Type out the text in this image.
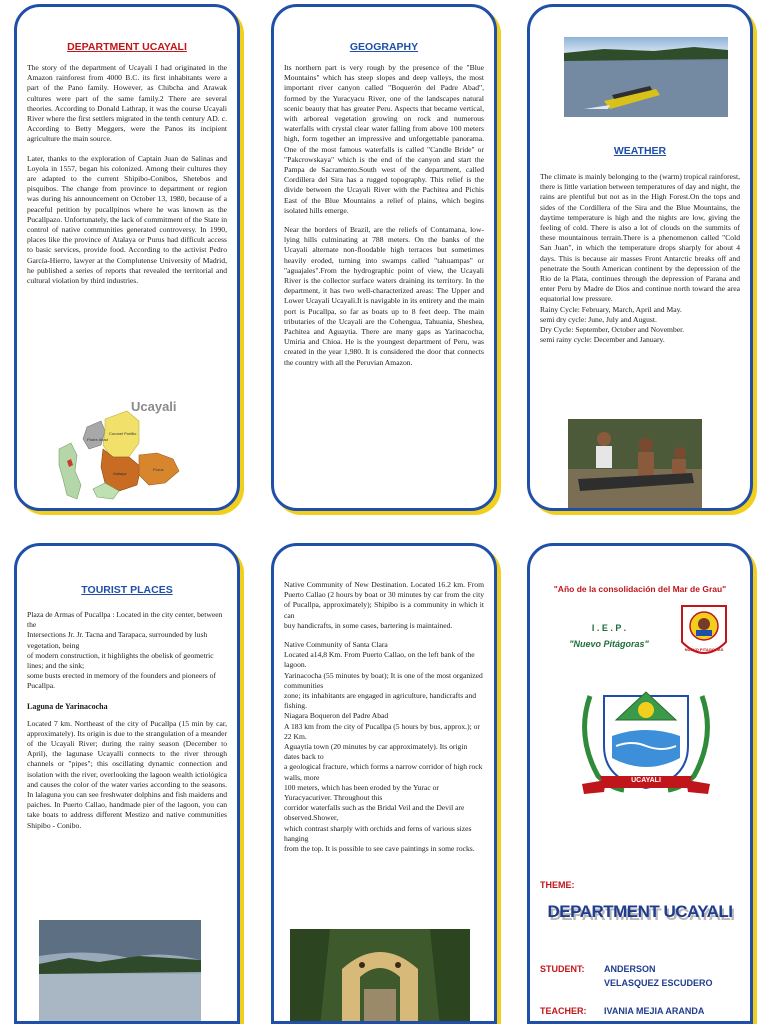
DEPARTMENT UCAYALI

The story of the department of Ucayali I had originated in the Amazon rainforest from 4000 B.C. its first inhabitants were a part of the Pano family. However, as Chibcha and Arawak cultures were part of the same family.2 There are several theories. According to Donald Lathrap, it was the course Ucayali River where the first settlers migrated in the tenth century AD. c. According to Betty Meggers, were the Panos its incipient agriculture the main source.

Later, thanks to the exploration of Captain Juan de Salinas and Loyola in 1557, began his colonized. Among their cultures they are adapted to the current Shipibo-Conibos, Shetebos and pisquibos. The change from province to department or region was during his announcement on October 13, 1980, because of a peaceful petition by pucallpinos where he was known as the Pucallpazo. Unfortunately, the lack of commitment of the State in control of native communities generated controversy. In 1990, places like the province of Atalaya or Purus had difficult access to basic services, provide food. According to the activist Pedro García-Hierro, lawyer at the Complutense University of Madrid, he published a series of reports that revealed the territorial and cultural violation by third industries.

Ucayali
Padre Abad
Coronel Portillo
Atalaya
Purus
GEOGRAPHY

Its northern part is very rough by the presence of the "Blue Mountains" which has steep slopes and deep valleys, the most important river canyon called "Boquerón del Padre Abad", formed by the Yuracyacu River, one of the landscapes natural scenic beauty that has greater Peru. Aspects that became vertical, with arboreal vegetation growing on rock and numerous waterfalls with crystal clear water falling from above 100 meters high, form together an impressive and unforgettable panorama. One of the most famous waterfalls is called "Candle Bride" or "Pakcrowskaya" which is the end of the canyon and start the Pampa de Sacramento.South west of the department, called Cordillera del Sira has a rugged topography. This relief is the divide between the Ucayali River with the Pachitea and Pichis East of the Blue Mountains a relief of plains, which begins isolated hills emerge.

Near the borders of Brazil, are the reliefs of Contamana, low-lying hills culminating at 788 meters. On the banks of the Ucayali alternate non-floodable high terraces but sometimes heavily eroded, turning into swamps called "tahuampas" or "aguajales".From the hydrographic point of view, the Ucayali River is the collector surface waters draining its territory. In the department, it has two well-characterized areas: The Upper and Lower Ucayali Ucayali.It is navigable in its entirety and the main port is Pucallpa, so far as boats up to 8 feet deep. The main tributaries of the Ucayali are the Cohengua, Tahuania, Sheshea, Pachitea and Aguaytia. There are many gaps as Yarinacocha, Umiria and Chioa. He is the youngest department of Peru, was created in the year 1,980. It is considered the door that connects the country with all the Peruvian Amazon.

WEATHER

The climate is mainly belonging to the (warm) tropical rainforest, there is little variation between temperatures of day and night, the rains are plentiful but not as in the High Forest.On the tops and sides of the Cordillera of the Sira and the Blue Mountains, the daytime temperature is high and the nights are low, giving the feeling of cold. There is also a lot of clouds on the summits of these mountainous terrain.There is a phenomenon called "Cold San Juan", in which the temperature drops sharply for about 4 days. This is because air masses Front Antarctic breaks off and penetrate the South American continent by the depression of the Rio de la Plata, continues through the depression of Parana and enter Peru by Madre de Dios and continue north toward the area equatorial low pressure.

Rainy Cycle: February, March, April and May.
semi dry cycle: June, July and August.
Dry Cycle: September, October and November.
semi rainy cycle: December and January.
TOURIST PLACES
Plaza de Armas of Pucallpa : Located in the city center, between the
Intersections Jr. Jr. Tacna and Tarapaca, surrounded by lush vegetation, being
of modern construction, it highlights the obelisk of geometric lines; and the sink;
some busts erected in memory of the founders and pioneers of Pucallpa.
Laguna de Yarinacocha

Located 7 km. Northeast of the city of Pucallpa (15 min by car, approximately). Its origin is due to the strangulation of a meander of the Ucayali River; during the rainy season (December to April), the lagunase Ucayalli connects to the river through channels or "pipes"; this oscillating dynamic connection and isolation with the river, overlooking the lagoon wealth ictiológica and causes the color of the water varies according to the seasons. In lalaguna you can see freshwater dolphins and fish maidens and paiches. In Puerto Callao, handmade pier of the lagoon, you can take boats to address different Mestizo and native communities Shipibo - Conibo.

Native Community of New Destination. Located 16.2 km. From Puerto Callao (2 hours by boat or 30 minutes by car from the city of Pucallpa, approximately); Shipibo is a community in which it can
buy handicrafts, in some cases, bartering is maintained.
Native Community of Santa Clara
Located a14,8 Km. From Puerto Callao, on the left bank of the lagoon.
Yarinacocha (55 minutes by boat); It is one of the most organized communities
zone; its inhabitants are engaged in agriculture, handicrafts and fishing.
Niagara Boqueron del Padre Abad
A 183 km from the city of Pucallpa (5 hours by bus, approx.); or 22 Km.
Aguaytía town (20 minutes by car approximately). Its origin dates back to
a geological fracture, which forms a narrow corridor of high rock walls, more
100 meters, which has been eroded by the Yurac or Yuracyacuriver. Throughout this
corridor waterfalls such as the Bridal Veil and the Devil are observed.Shower,
which contrast sharply with orchids and ferns of various sizes hanging
from the top. It is possible to see cave paintings in some rocks.
"Año de la consolidación del Mar de Grau"
I . E . P .
"Nuevo Pitágoras"
NUEVO PITAGORAS
UCAYALI
THEME:
DEPARTMENT UCAYALI
STUDENT: ANDERSON
VELASQUEZ ESCUDERO
TEACHER: IVANIA MEJIA ARANDA
